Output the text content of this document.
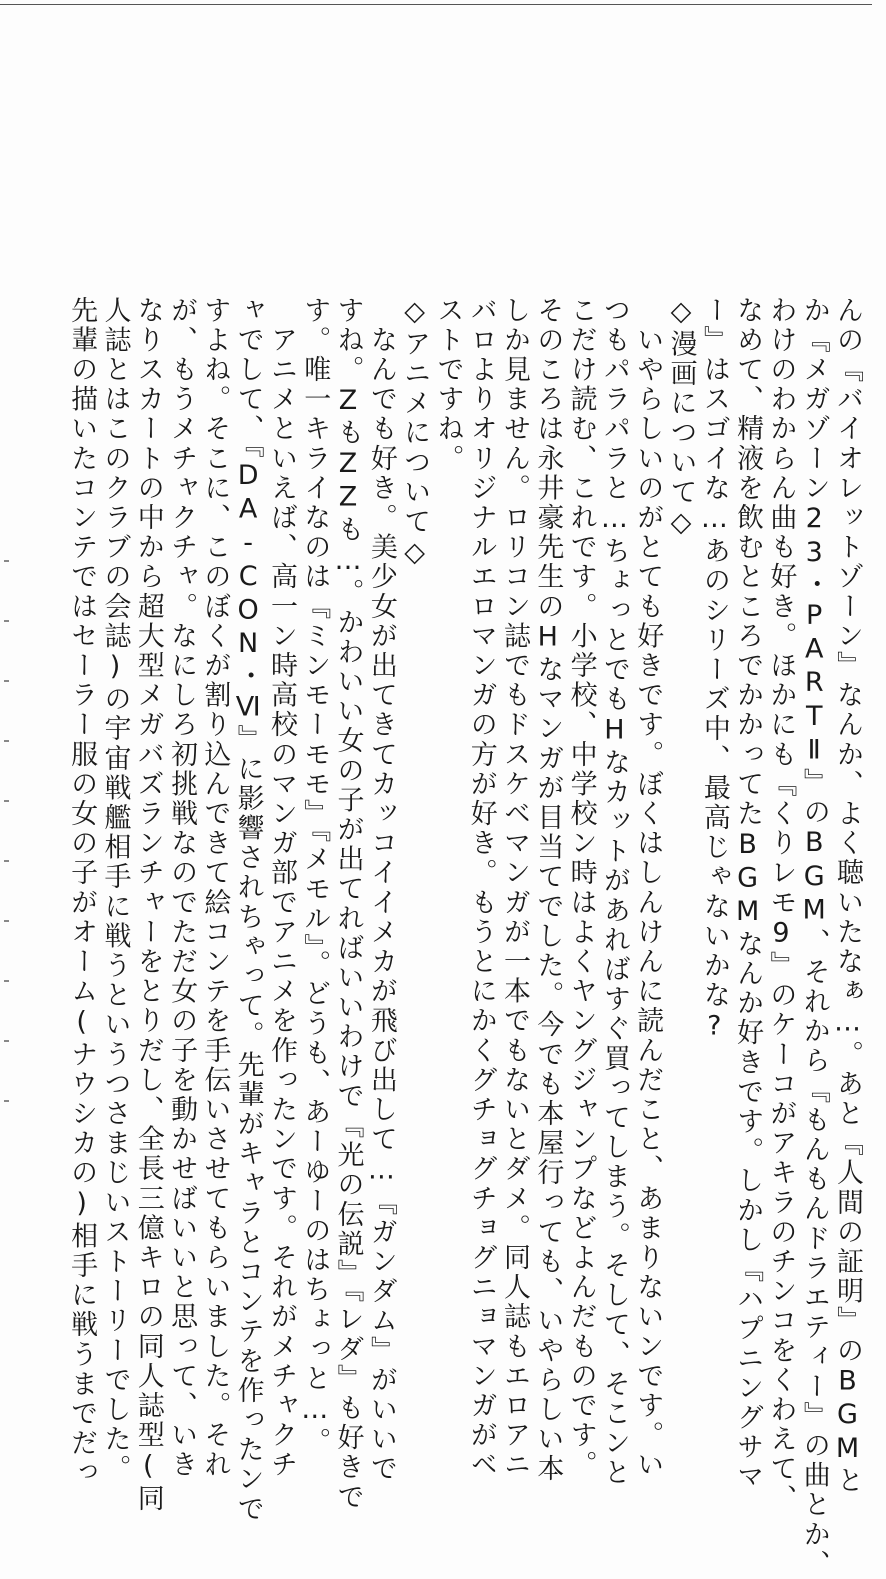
んの『バイオレットゾーン』なんか、よく聴いたなぁ…。あと『人間の証明』のBGMと
か『メガゾーン23・PARTⅡ』のBGM、それから『もんもんドラエティー』の曲とか、
わけのわからん曲も好き。ほかにも『くりレモ9』のケーコがアキラのチンコをくわえて、
なめて、精液を飲むところでかかってたBGMなんか好きです。しかし『ハプニングサマ
ー』はスゴイな…あのシリーズ中、最高じゃないかな?
◇漫画について◇
　いやらしいのがとても好きです。ぼくはしんけんに読んだこと、あまりないンです。い
つもパラパラと…ちょっとでもHなカットがあればすぐ買ってしまう。そして、そこンと
こだけ読む、これです。小学校、中学校ン時はよくヤングジャンプなどよんだものです。
そのころは永井豪先生のHなマンガが目当てでした。今でも本屋行っても、いやらしい本
しか見ません。ロリコン誌でもドスケベマンガが一本でもないとダメ。同人誌もエロアニ
バロよりオリジナルエロマンガの方が好き。もうとにかくグチョグチョグニョマンガがベ
ストですね。
◇アニメについて◇
　なんでも好き。美少女が出てきてカッコイイメカが飛び出して…『ガンダム』がいいで
すね。ZもZZも…。かわいい女の子が出てればいいわけで『光の伝説』『レダ』も好きで
す。唯一キライなのは『ミンモーモモ』『メモル』。どうも、あーゆーのはちょっと…。
　アニメといえば、高一ン時高校のマンガ部でアニメを作ったンです。それがメチャクチ
ャでして、『DA-CON・Ⅵ』に影響されちゃって。先輩がキャラとコンテを作ったンで
すよね。そこに、このぼくが割り込んできて絵コンテを手伝いさせてもらいました。それ
が、もうメチャクチャ。なにしろ初挑戦なのでただ女の子を動かせばいいと思って、いき
なりスカートの中から超大型メガバズランチャーをとりだし、全長三億キロの同人誌型(同
人誌とはこのクラブの会誌)の宇宙戦艦相手に戦うというつさまじいストーリーでした。
先輩の描いたコンテではセーラー服の女の子がオーム(ナウシカの)相手に戦うまでだっ
